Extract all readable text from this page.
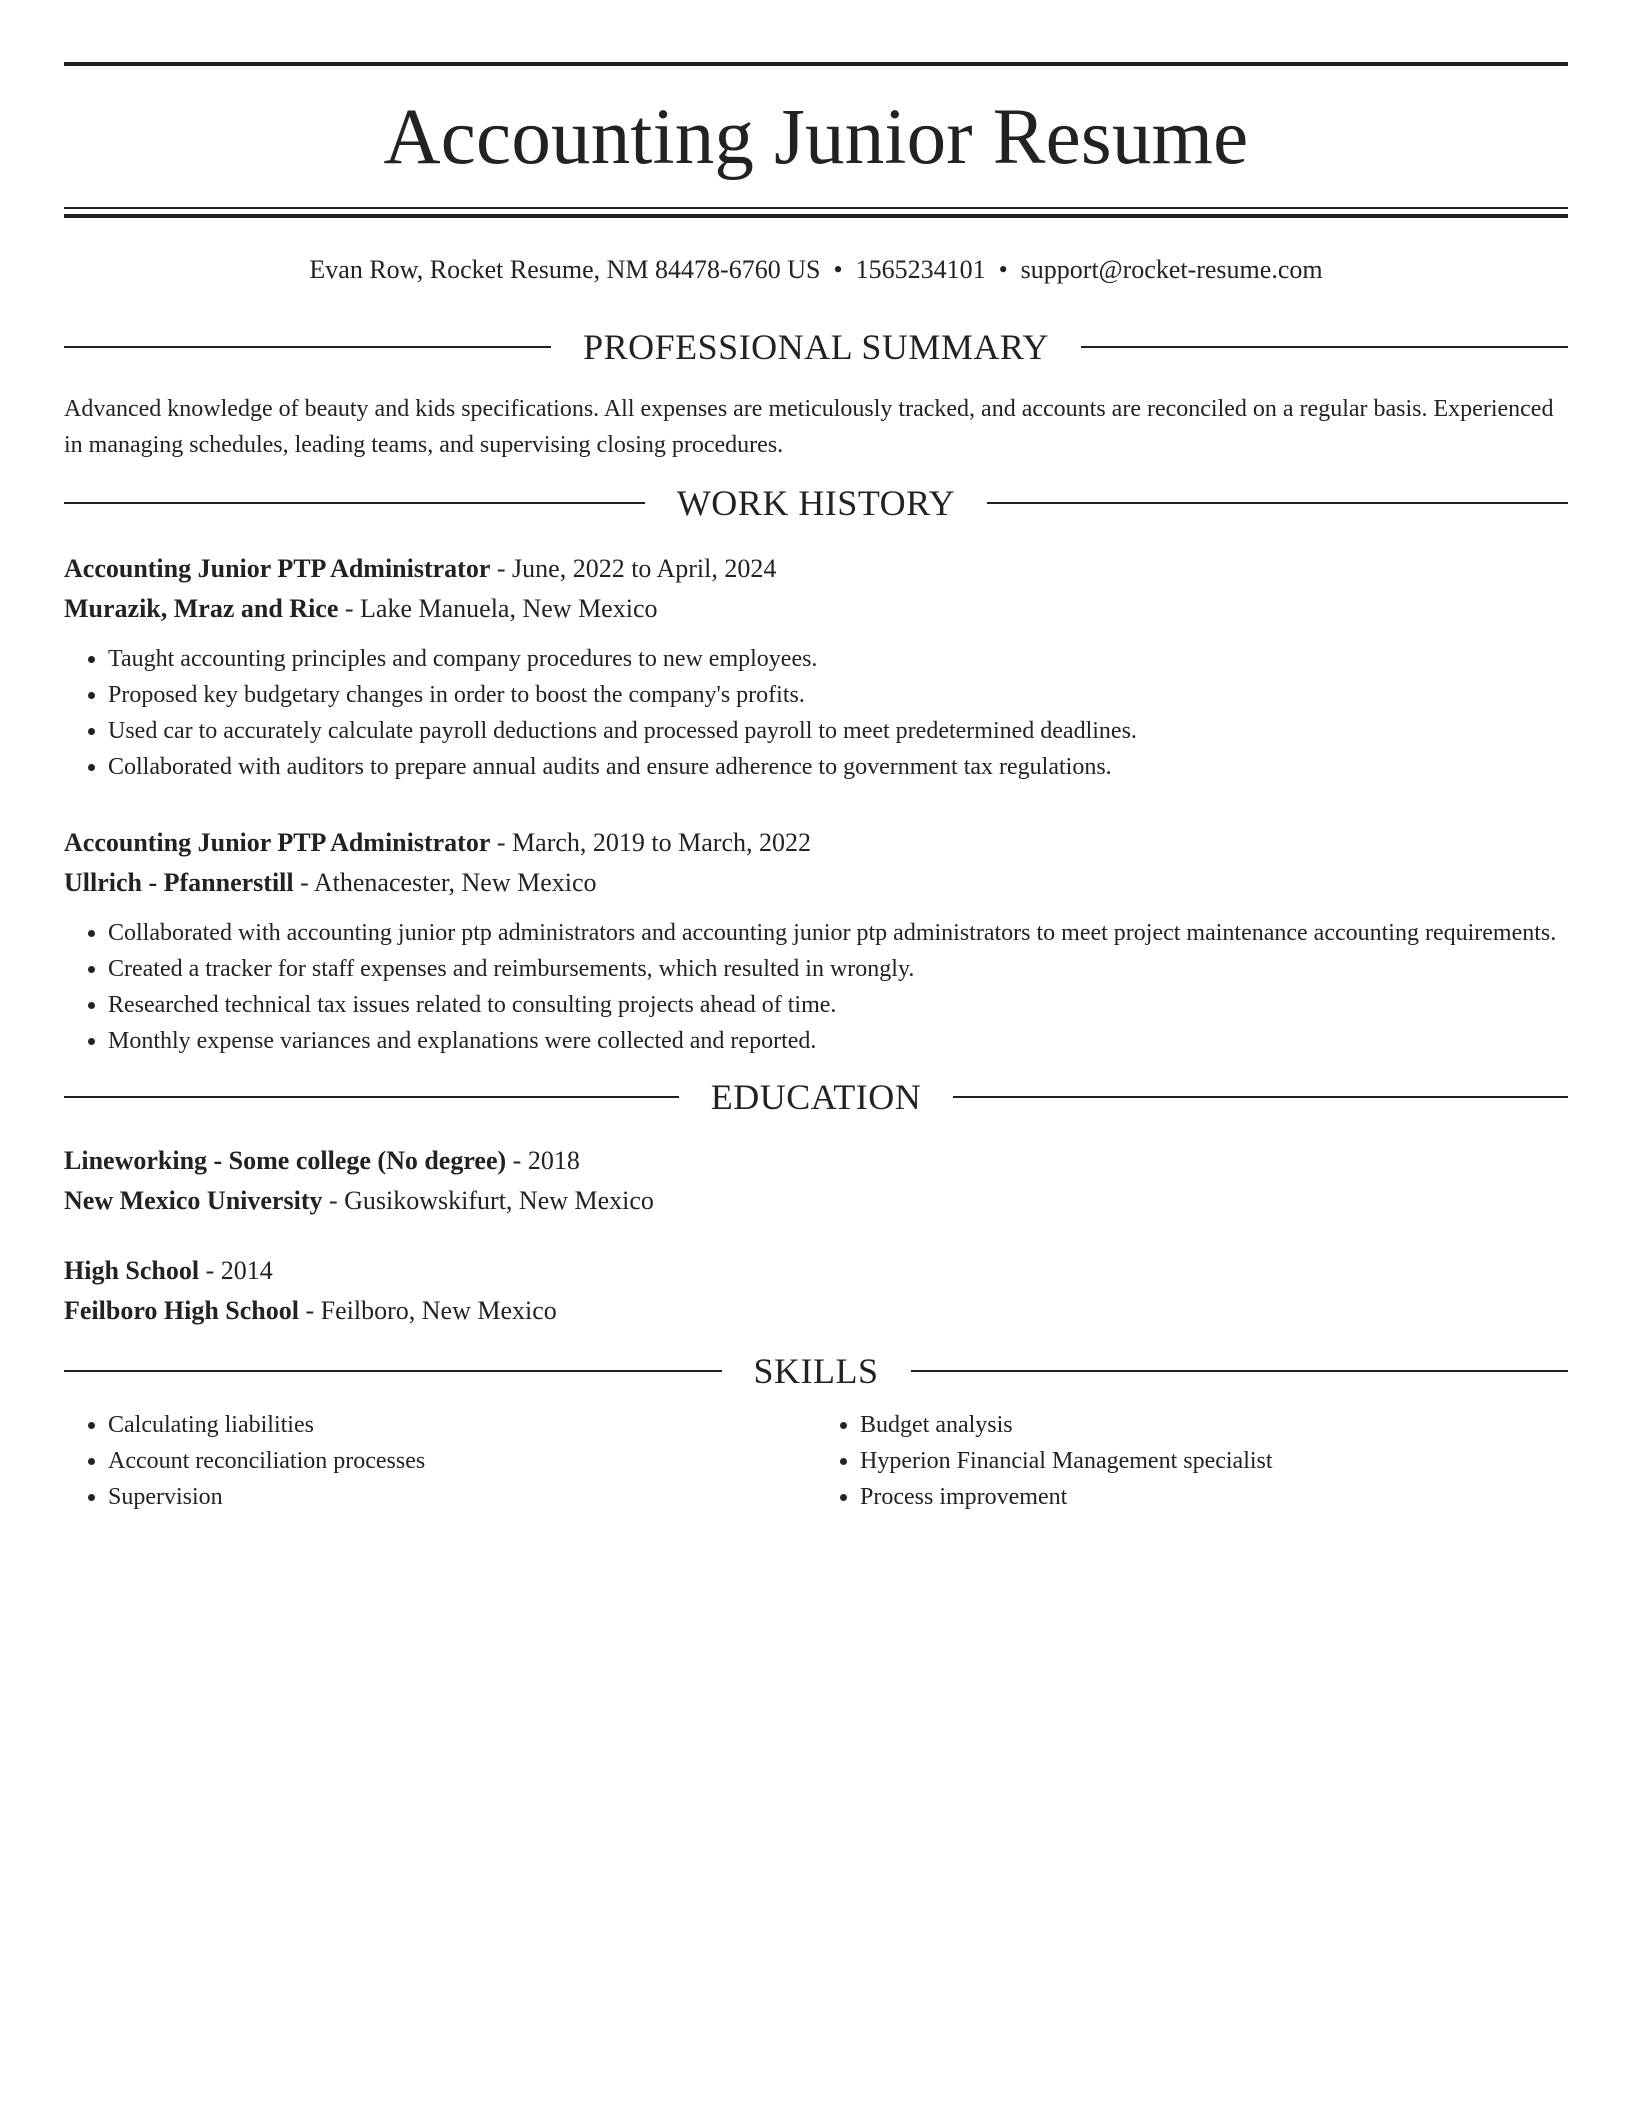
Accounting Junior Resume
Evan Row, Rocket Resume, NM 84478-6760 US • 1565234101 • support@rocket-resume.com
PROFESSIONAL SUMMARY
Advanced knowledge of beauty and kids specifications. All expenses are meticulously tracked, and accounts are reconciled on a regular basis. Experienced in managing schedules, leading teams, and supervising closing procedures.
WORK HISTORY
Accounting Junior PTP Administrator - June, 2022 to April, 2024
Murazik, Mraz and Rice - Lake Manuela, New Mexico
• Taught accounting principles and company procedures to new employees.
• Proposed key budgetary changes in order to boost the company's profits.
• Used car to accurately calculate payroll deductions and processed payroll to meet predetermined deadlines.
• Collaborated with auditors to prepare annual audits and ensure adherence to government tax regulations.
Accounting Junior PTP Administrator - March, 2019 to March, 2022
Ullrich - Pfannerstill - Athenacester, New Mexico
• Collaborated with accounting junior ptp administrators and accounting junior ptp administrators to meet project maintenance accounting requirements.
• Created a tracker for staff expenses and reimbursements, which resulted in wrongly.
• Researched technical tax issues related to consulting projects ahead of time.
• Monthly expense variances and explanations were collected and reported.
EDUCATION
Lineworking - Some college (No degree) - 2018
New Mexico University - Gusikowskifurt, New Mexico
High School - 2014
Feilboro High School - Feilboro, New Mexico
SKILLS
• Calculating liabilities
• Account reconciliation processes
• Supervision
• Budget analysis
• Hyperion Financial Management specialist
• Process improvement
